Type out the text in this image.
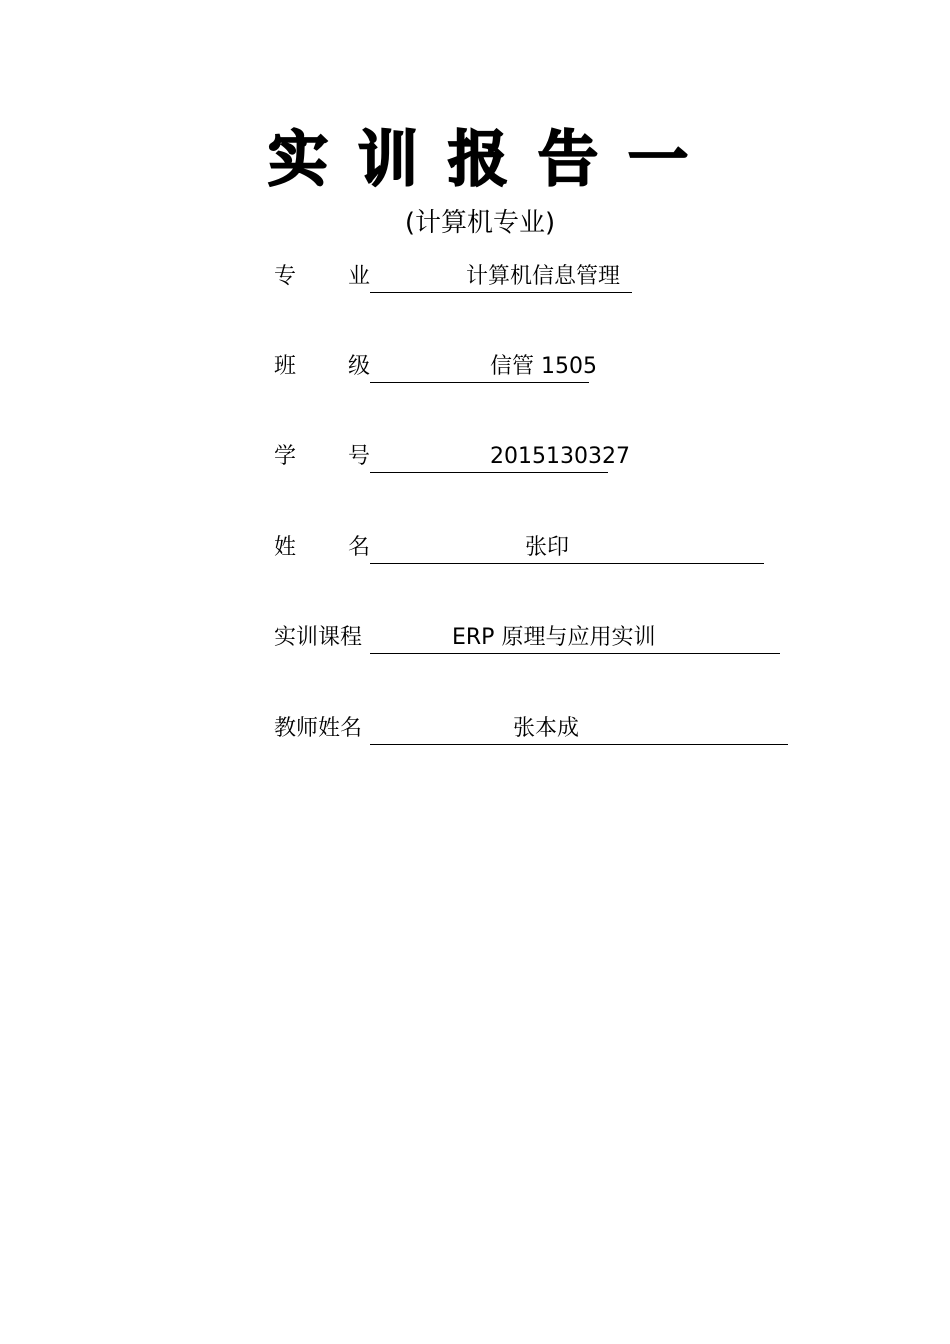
实 训 报 告 一
(计算机专业)
专 业	计算机信息管理
班 级	信管 1505
学 号	2015130327
姓 名	张印
实训课程	ERP 原理与应用实训
教师姓名	张本成
